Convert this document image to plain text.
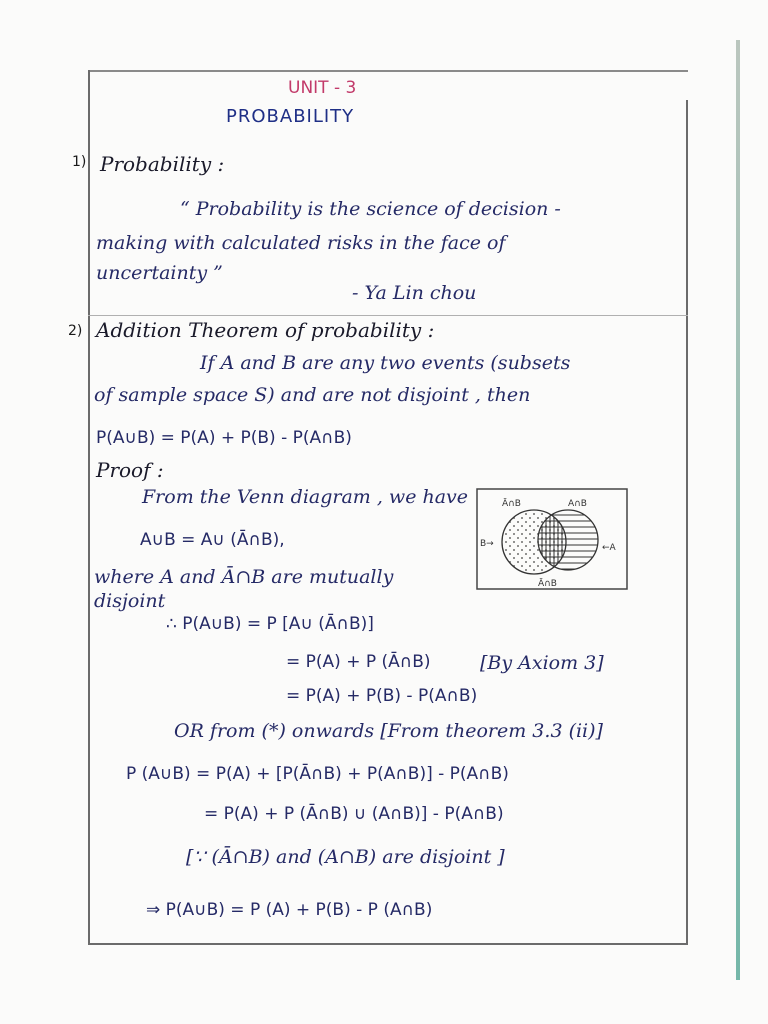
UNIT - 3
PROBABILITY
1) Probability :
“ Probability is the science of decision -
making with calculated risks in the face of
uncertainty ”
- Ya Lin chou
2) Addition Theorem of probability :
If A and B are any two events (subsets
of sample space S) and are not disjoint , then
P(A∪B) = P(A) + P(B) - P(A∩B)
Proof :
From the Venn diagram , we have
A∪B = A∪ (Ā∩B),
where A and Ā∩B are mutually
disjoint
∴ P(A∪B) = P [A∪ (Ā∩B)]
= P(A) + P (Ā∩B)	[By Axiom 3]
= P(A) + P(B) - P(A∩B)
OR from (*) onwards [From theorem 3.3 (ii)]
P (A∪B) = P(A) + [P(Ā∩B) + P(A∩B)] - P(A∩B)
= P(A) + P (Ā∩B) ∪ (A∩B)] - P(A∩B)
[∵ (Ā∩B) and (A∩B) are disjoint ]
⇒ P(A∪B) = P (A) + P(B) - P (A∩B)
Ā∩B	A∩B
B→	←A
Ā∩B
